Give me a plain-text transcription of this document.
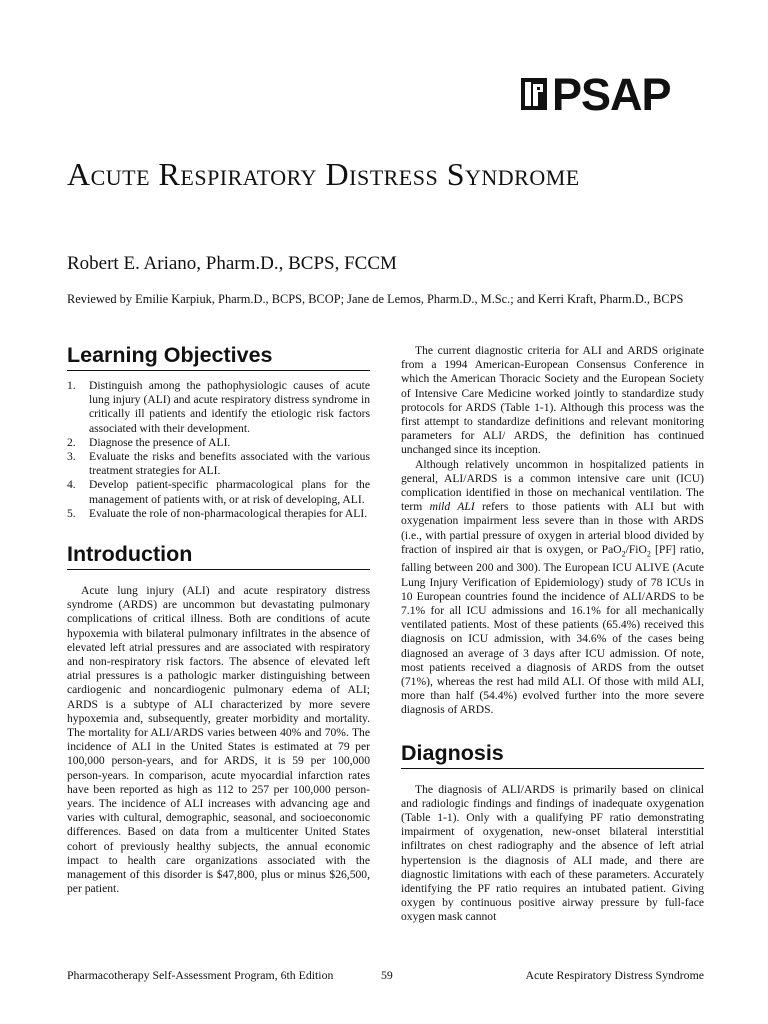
PSAP
Acute Respiratory Distress Syndrome

Robert E. Ariano, Pharm.D., BCPS, FCCM

Reviewed by Emilie Karpiuk, Pharm.D., BCPS, BCOP; Jane de Lemos, Pharm.D., M.Sc.; and Kerri Kraft, Pharm.D., BCPS

Learning Objectives
1.	Distinguish among the pathophysiologic causes of acute lung injury (ALI) and acute respiratory distress syndrome in critically ill patients and identify the etiologic risk factors associated with their development.
2.	Diagnose the presence of ALI.
3.	Evaluate the risks and benefits associated with the various treatment strategies for ALI.
4.	Develop patient-specific pharmacological plans for the management of patients with, or at risk of developing, ALI.
5.	Evaluate the role of non-pharmacological therapies for ALI.
Introduction

Acute lung injury (ALI) and acute respiratory distress syndrome (ARDS) are uncommon but devastating pulmonary complications of critical illness. Both are conditions of acute hypoxemia with bilateral pulmonary infiltrates in the absence of elevated left atrial pressures and are associated with respiratory and non-respiratory risk factors. The absence of elevated left atrial pressures is a pathologic marker distinguishing between cardiogenic and noncardiogenic pulmonary edema of ALI; ARDS is a subtype of ALI characterized by more severe hypoxemia and, subsequently, greater morbidity and mortality. The mortality for ALI/ARDS varies between 40% and 70%. The incidence of ALI in the United States is estimated at 79 per 100,000 person-years, and for ARDS, it is 59 per 100,000 person-years. In comparison, acute myocardial infarction rates have been reported as high as 112 to 257 per 100,000 person-years. The incidence of ALI increases with advancing age and varies with cultural, demographic, seasonal, and socioeconomic differences. Based on data from a multicenter United States cohort of previously healthy subjects, the annual economic impact to health care organizations associated with the management of this disorder is $47,800, plus or minus $26,500, per patient.

The current diagnostic criteria for ALI and ARDS originate from a 1994 American-European Consensus Conference in which the American Thoracic Society and the European Society of Intensive Care Medicine worked jointly to standardize study protocols for ARDS (Table 1-1). Although this process was the first attempt to standardize definitions and relevant monitoring parameters for ALI/ ARDS, the definition has continued unchanged since its inception.

Although relatively uncommon in hospitalized patients in general, ALI/ARDS is a common intensive care unit (ICU) complication identified in those on mechanical ventilation. The term mild ALI refers to those patients with ALI but with oxygenation impairment less severe than in those with ARDS (i.e., with partial pressure of oxygen in arterial blood divided by fraction of inspired air that is oxygen, or PaO$_2$/FiO$_2$ [PF] ratio, falling between 200 and 300). The European ICU ALIVE (Acute Lung Injury Verification of Epidemiology) study of 78 ICUs in 10 European countries found the incidence of ALI/ARDS to be 7.1% for all ICU admissions and 16.1% for all mechanically ventilated patients. Most of these patients (65.4%) received this diagnosis on ICU admission, with 34.6% of the cases being diagnosed an average of 3 days after ICU admission. Of note, most patients received a diagnosis of ARDS from the outset (71%), whereas the rest had mild ALI. Of those with mild ALI, more than half (54.4%) evolved further into the more severe diagnosis of ARDS.

Diagnosis

The diagnosis of ALI/ARDS is primarily based on clinical and radiologic findings and findings of inadequate oxygenation (Table 1-1). Only with a qualifying PF ratio demonstrating impairment of oxygenation, new-onset bilateral interstitial infiltrates on chest radiography and the absence of left atrial hypertension is the diagnosis of ALI made, and there are diagnostic limitations with each of these parameters. Accurately identifying the PF ratio requires an intubated patient. Giving oxygen by continuous positive airway pressure by full-face oxygen mask cannot

Pharmacotherapy Self-Assessment Program, 6th Edition	59	Acute Respiratory Distress Syndrome
